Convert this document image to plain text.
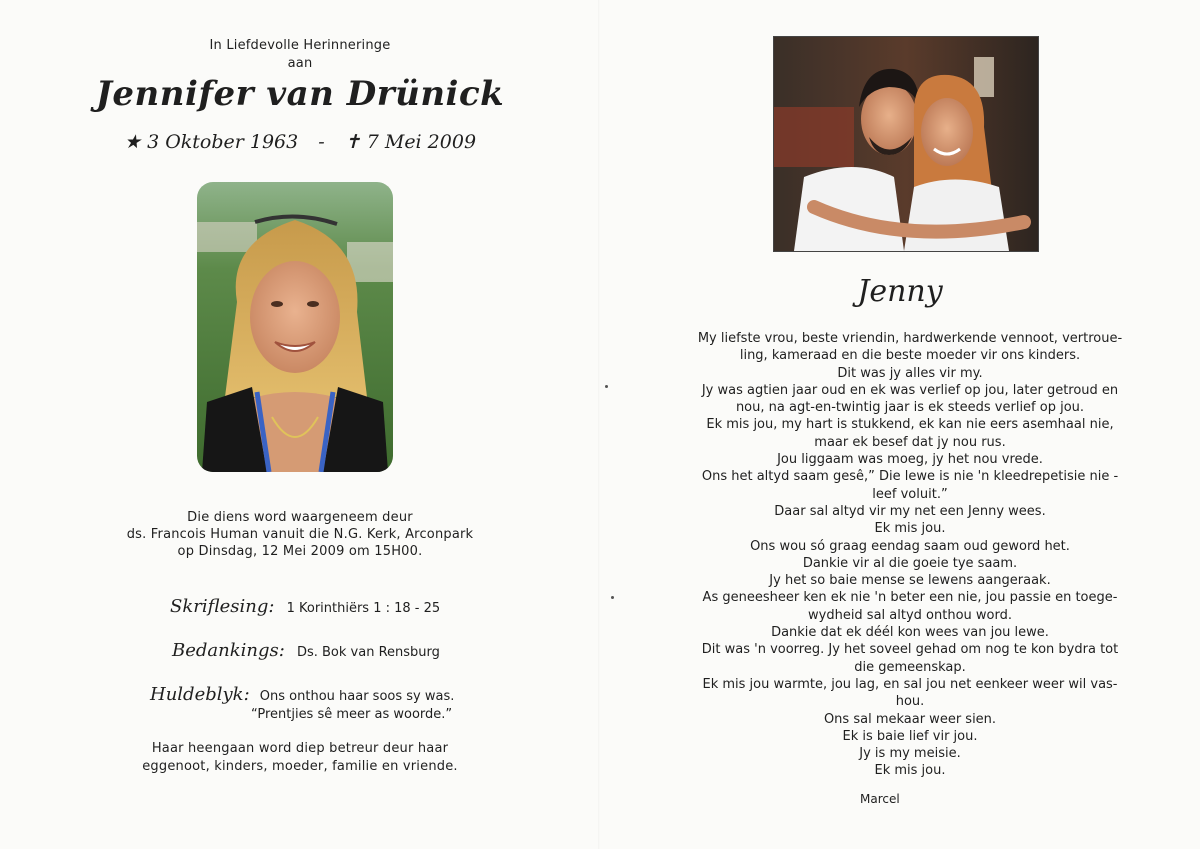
In Liefdevolle Herinneringe
aan
Jennifer van Drünick
★ 3 Oktober 1963 - ✝ 7 Mei 2009
Die diens word waargeneem deur
ds. Francois Human vanuit die N.G. Kerk, Arconpark
op Dinsdag, 12 Mei 2009 om 15H00.
Skriflesing: 1 Korinthiërs 1 : 18 - 25
Bedankings: Ds. Bok van Rensburg
Huldeblyk: Ons onthou haar soos sy was.
“Prentjies sê meer as woorde.”
Haar heengaan word diep betreur deur haar
eggenoot, kinders, moeder, familie en vriende.
Jenny
My liefste vrou, beste vriendin, hardwerkende vennoot, vertroue-
ling, kameraad en die beste moeder vir ons kinders.
Dit was jy alles vir my.
Jy was agtien jaar oud en ek was verlief op jou, later getroud en
nou, na agt-en-twintig jaar is ek steeds verlief op jou.
Ek mis jou, my hart is stukkend, ek kan nie eers asemhaal nie,
maar ek besef dat jy nou rus.
Jou liggaam was moeg, jy het nou vrede.
Ons het altyd saam gesê,” Die lewe is nie 'n kleedrepetisie nie -
leef voluit.”
Daar sal altyd vir my net een Jenny wees.
Ek mis jou.
Ons wou só graag eendag saam oud geword het.
Dankie vir al die goeie tye saam.
Jy het so baie mense se lewens aangeraak.
As geneesheer ken ek nie 'n beter een nie, jou passie en toege-
wydheid sal altyd onthou word.
Dankie dat ek déél kon wees van jou lewe.
Dit was 'n voorreg. Jy het soveel gehad om nog te kon bydra tot
die gemeenskap.
Ek mis jou warmte, jou lag, en sal jou net eenkeer weer wil vas-
hou.
Ons sal mekaar weer sien.
Ek is baie lief vir jou.
Jy is my meisie.
Ek mis jou.
Marcel
